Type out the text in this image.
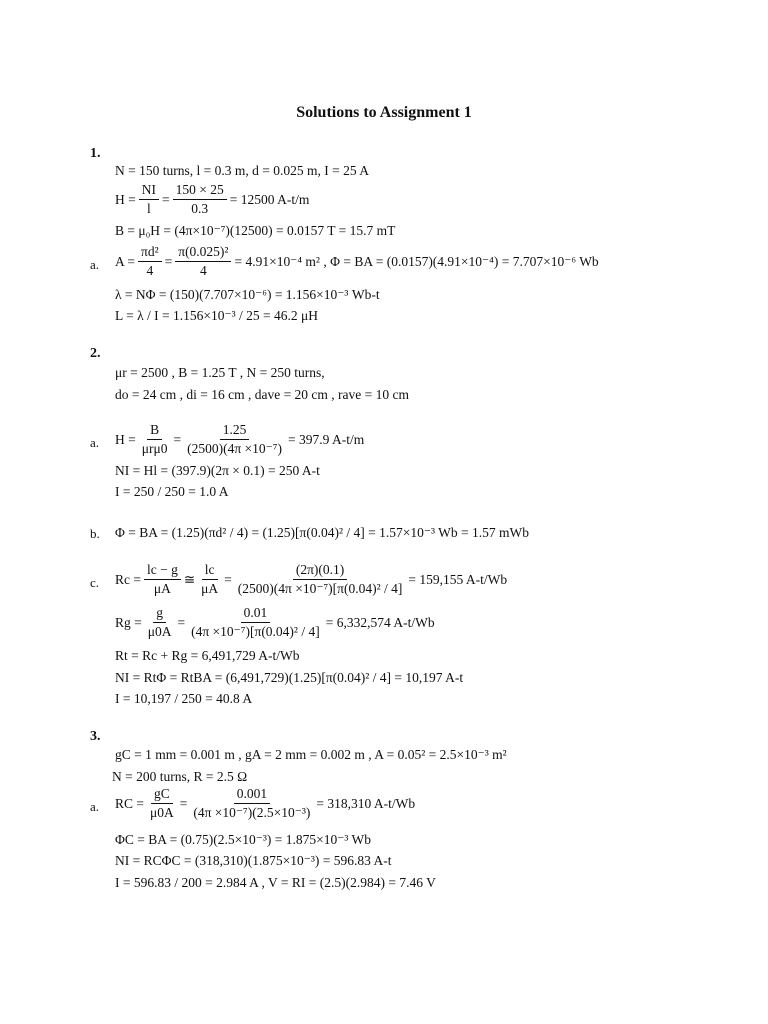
Solutions to Assignment 1
1.
N = 150 turns, l = 0.3 m, d = 0.025 m, I = 25 A
$H = \frac{NI}{l} = \frac{150 \times 25}{0.3} = 12500$ A-t/m
B = μ₀H = (4π×10⁻⁷)(12500) = 0.0157 T = 15.7 mT
a. $A = \frac{\text{πd²}}{4} = \frac{\text{π(0.025)²}}{4} = 4.91\times 10^{-4}$ m² , Φ = BA = (0.0157)(4.91×10⁻⁴) = 7.707×10⁻⁶ Wb
λ = NΦ = (150)(7.707×10⁻⁶) = 1.156×10⁻³ Wb-t
L = λ / I = 1.156×10⁻³ / 25 = 46.2 μH
2.
μr = 2500 , B = 1.25 T , N = 250 turns,
do = 24 cm , di = 16 cm , dave = 20 cm , rave = 10 cm
a. $H = \frac{B}{\text{μrμ0}} = \frac{1.25}{\text{(2500)(4π ×10⁻⁷)}} = 397.9$ A-t/m
NI = Hl = (397.9)(2π × 0.1) = 250 A-t
I = 250 / 250 = 1.0 A
b. Φ = BA = (1.25)(πd² / 4) = (1.25)[π(0.04)² / 4] = 1.57×10⁻³ Wb = 1.57 mWb
c. $Rc = \frac{lc - g}{\mu A}$ ≅ $\frac{lc}{\mu A} = \frac{(2\pi)(0.1)}{\text{(2500)(4π ×10⁻⁷)[π(0.04)² / 4]}} = 159,155$ A-t/Wb
$Rg = \frac{g}{\mu 0A} = \frac{0.01}{\text{(4π ×10⁻⁷)[π(0.04)² / 4]}} = 6,332,574$ A-t/Wb
Rt = Rc + Rg = 6,491,729 A-t/Wb
NI = RtΦ = RtBA = (6,491,729)(1.25)[π(0.04)² / 4] = 10,197 A-t
I = 10,197 / 250 = 40.8 A
3.
gC = 1 mm = 0.001 m , gA = 2 mm = 0.002 m , A = 0.05² = 2.5×10⁻³ m²
N = 200 turns, R = 2.5 Ω
a. RC = $\frac{gC}{\mu 0A} = \frac{0.001}{\text{(4π ×10⁻⁷)(2.5×10⁻³)}} = 318,310$ A-t/Wb
ΦC = BA = (0.75)(2.5×10⁻³) = 1.875×10⁻³ Wb
NI = RCΦC = (318,310)(1.875×10⁻³) = 596.83 A-t
I = 596.83 / 200 = 2.984 A , V = RI = (2.5)(2.984) = 7.46 V
